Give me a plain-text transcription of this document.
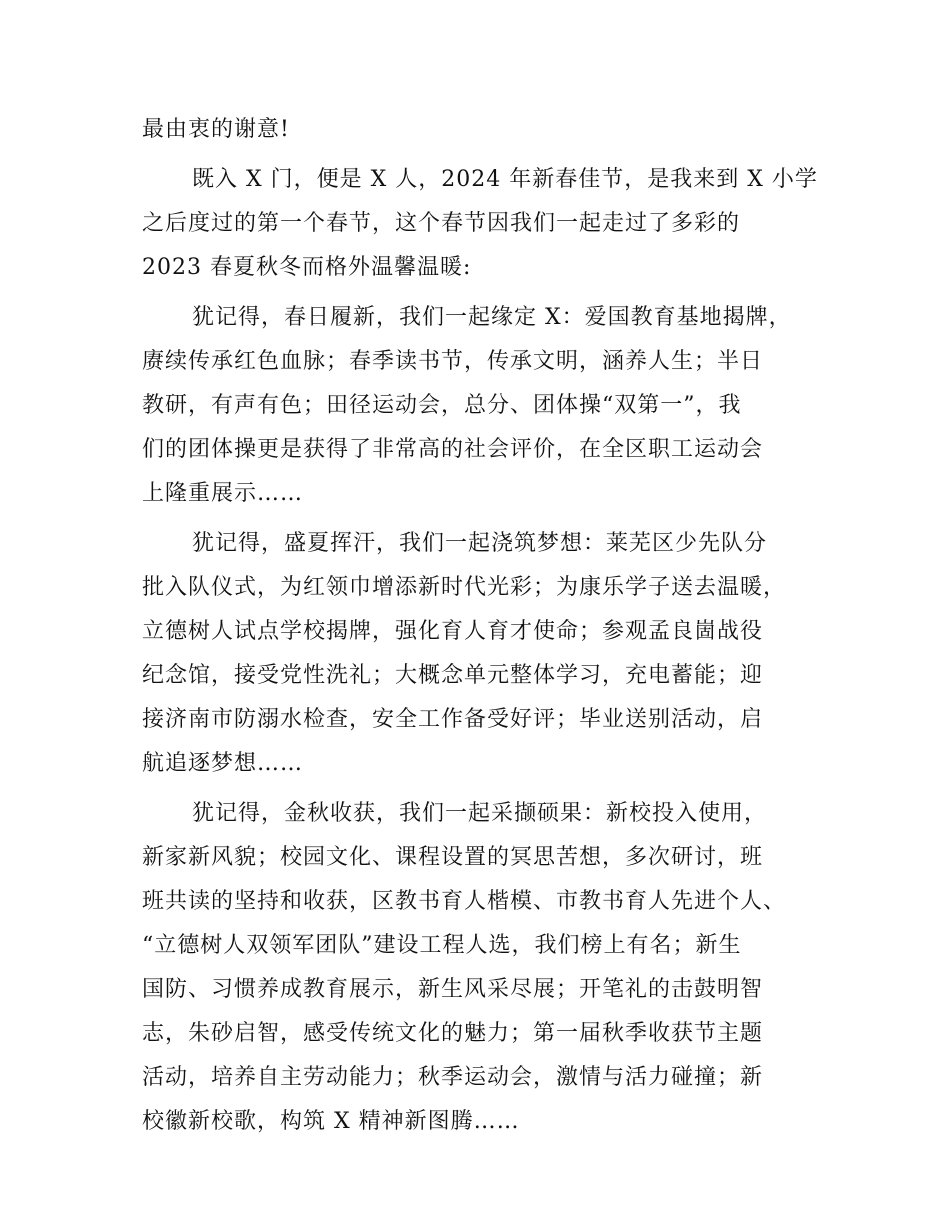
最由衷的谢意!

既入 X 门，便是 X 人，2024 年新春佳节，是我来到 X 小学
之后度过的第一个春节，这个春节因我们一起走过了多彩的
2023 春夏秋冬而格外温馨温暖:

犹记得，春日履新，我们一起缘定 X：爱国教育基地揭牌，
赓续传承红色血脉；春季读书节，传承文明，涵养人生；半日
教研，有声有色；田径运动会，总分、团体操“双第一”，我
们的团体操更是获得了非常高的社会评价，在全区职工运动会
上隆重展示……

犹记得，盛夏挥汗，我们一起浇筑梦想：莱芜区少先队分
批入队仪式，为红领巾增添新时代光彩；为康乐学子送去温暖，
立德树人试点学校揭牌，强化育人育才使命；参观孟良崮战役
纪念馆，接受党性洗礼；大概念单元整体学习，充电蓄能；迎
接济南市防溺水检查，安全工作备受好评；毕业送别活动，启
航追逐梦想……

犹记得，金秋收获，我们一起采撷硕果：新校投入使用，
新家新风貌；校园文化、课程设置的冥思苦想，多次研讨，班
班共读的坚持和收获，区教书育人楷模、市教书育人先进个人、
“立德树人双领军团队”建设工程人选，我们榜上有名；新生
国防、习惯养成教育展示，新生风采尽展；开笔礼的击鼓明智
志，朱砂启智，感受传统文化的魅力；第一届秋季收获节主题
活动，培养自主劳动能力；秋季运动会，激情与活力碰撞；新
校徽新校歌，构筑 X 精神新图腾……
